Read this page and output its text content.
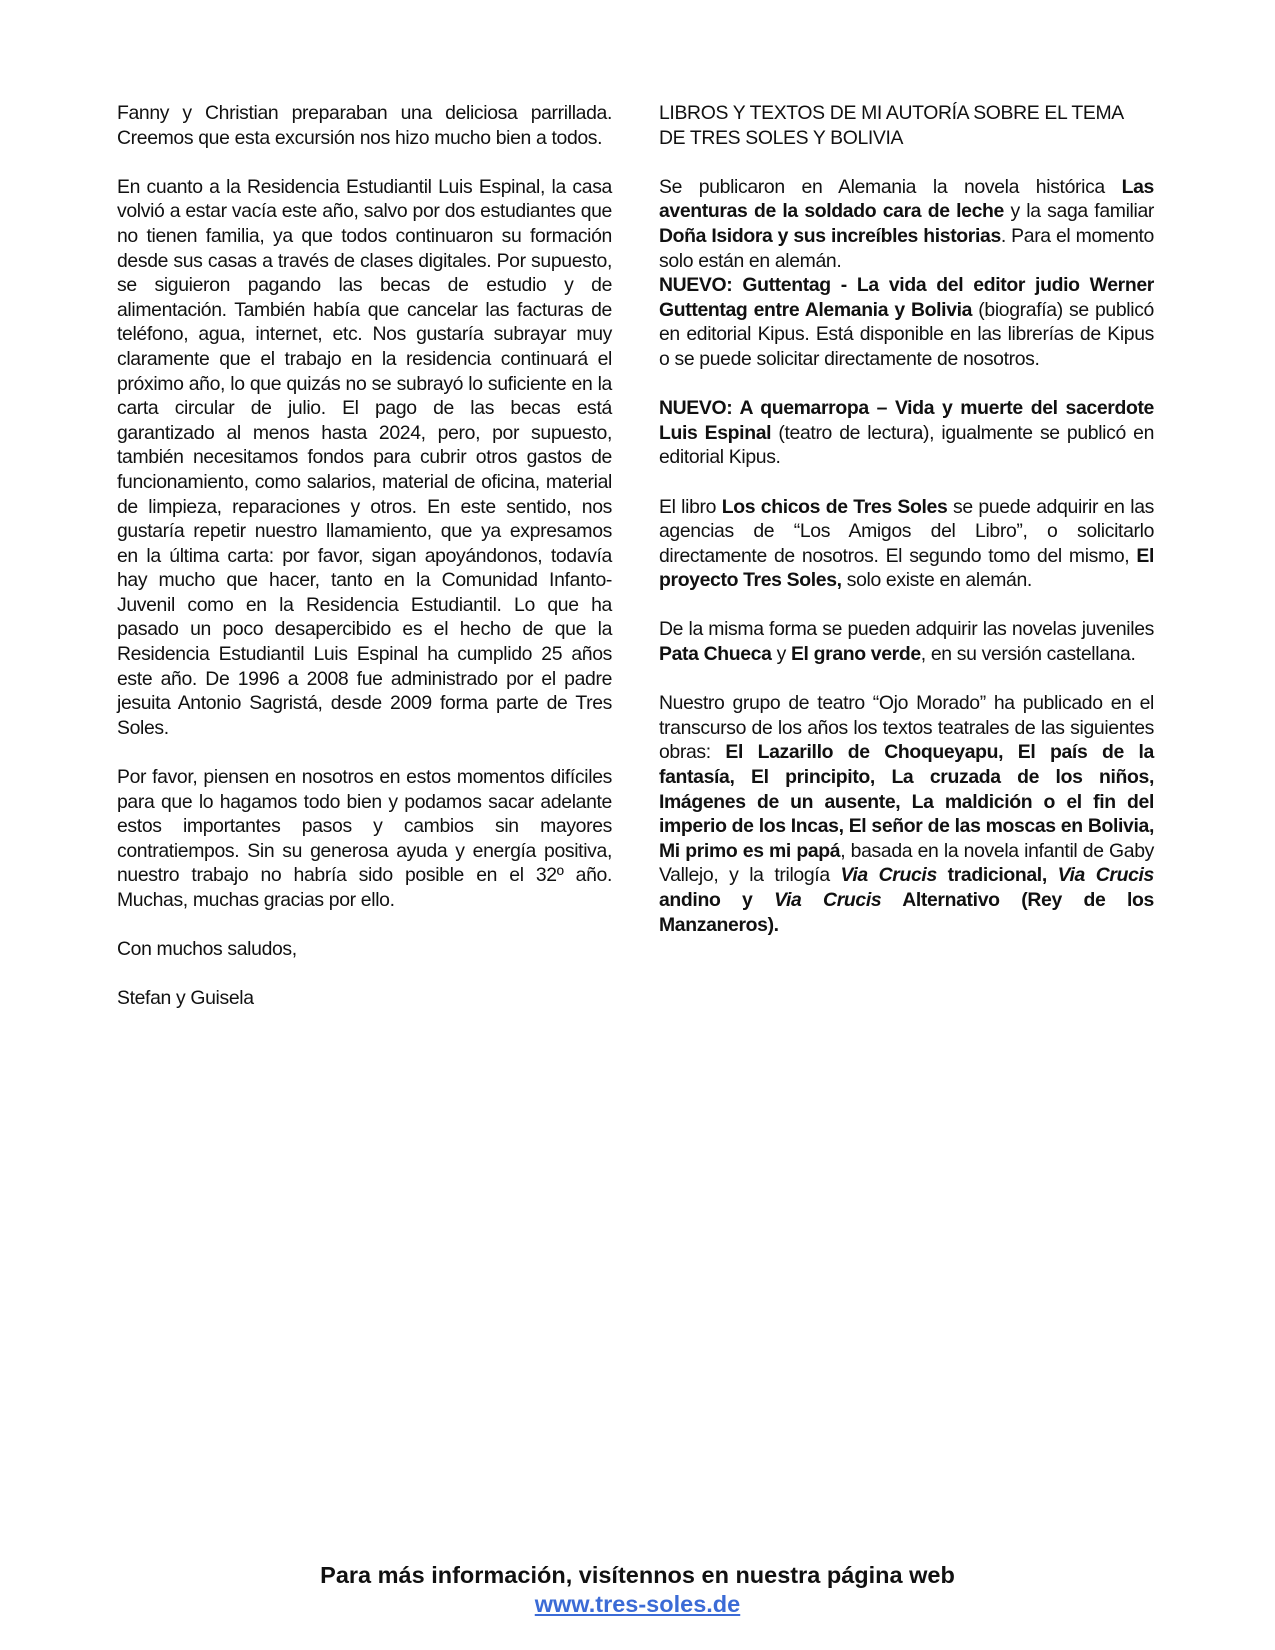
Fanny y Christian preparaban una deliciosa parrillada. Creemos que esta excursión nos hizo mucho bien a todos.

En cuanto a la Residencia Estudiantil Luis Espinal, la casa volvió a estar vacía este año, salvo por dos estudiantes que no tienen familia, ya que todos continuaron su formación desde sus casas a través de clases digitales. Por supuesto, se siguieron pagando las becas de estudio y de alimentación. También había que cancelar las facturas de teléfono, agua, internet, etc. Nos gustaría subrayar muy claramente que el trabajo en la residencia continuará el próximo año, lo que quizás no se subrayó lo suficiente en la carta circular de julio. El pago de las becas está garantizado al menos hasta 2024, pero, por supuesto, también necesitamos fondos para cubrir otros gastos de funcionamiento, como salarios, material de oficina, material de limpieza, reparaciones y otros. En este sentido, nos gustaría repetir nuestro llamamiento, que ya expresamos en la última carta: por favor, sigan apoyándonos, todavía hay mucho que hacer, tanto en la Comunidad Infanto-Juvenil como en la Residencia Estudiantil. Lo que ha pasado un poco desapercibido es el hecho de que la Residencia Estudiantil Luis Espinal ha cumplido 25 años este año. De 1996 a 2008 fue administrado por el padre jesuita Antonio Sagristá, desde 2009 forma parte de Tres Soles.

Por favor, piensen en nosotros en estos momentos difíciles para que lo hagamos todo bien y podamos sacar adelante estos importantes pasos y cambios sin mayores contratiempos. Sin su generosa ayuda y energía positiva, nuestro trabajo no habría sido posible en el 32º año. Muchas, muchas gracias por ello.

Con muchos saludos,

Stefan y Guisela

LIBROS Y TEXTOS DE MI AUTORÍA SOBRE EL TEMA DE TRES SOLES Y BOLIVIA

Se publicaron en Alemania la novela histórica Las aventuras de la soldado cara de leche y la saga familiar Doña Isidora y sus increíbles historias. Para el momento solo están en alemán.

NUEVO: Guttentag - La vida del editor judio Werner Guttentag entre Alemania y Bolivia (biografía) se publicó en editorial Kipus. Está disponible en las librerías de Kipus o se puede solicitar directamente de nosotros.

NUEVO: A quemarropa – Vida y muerte del sacerdote Luis Espinal (teatro de lectura), igualmente se publicó en editorial Kipus.

El libro Los chicos de Tres Soles se puede adquirir en las agencias de “Los Amigos del Libro”, o solicitarlo directamente de nosotros. El segundo tomo del mismo, El proyecto Tres Soles, solo existe en alemán.

De la misma forma se pueden adquirir las novelas juveniles Pata Chueca y El grano verde, en su versión castellana.

Nuestro grupo de teatro “Ojo Morado” ha publicado en el transcurso de los años los textos teatrales de las siguientes obras: El Lazarillo de Choqueyapu, El país de la fantasía, El principito, La cruzada de los niños, Imágenes de un ausente, La maldición o el fin del imperio de los Incas, El señor de las moscas en Bolivia, Mi primo es mi papá, basada en la novela infantil de Gaby Vallejo, y la trilogía Via Crucis tradicional, Via Crucis andino y Via Crucis Alternativo (Rey de los Manzaneros).

Para más información, visítennos en nuestra página web
www.tres-soles.de
